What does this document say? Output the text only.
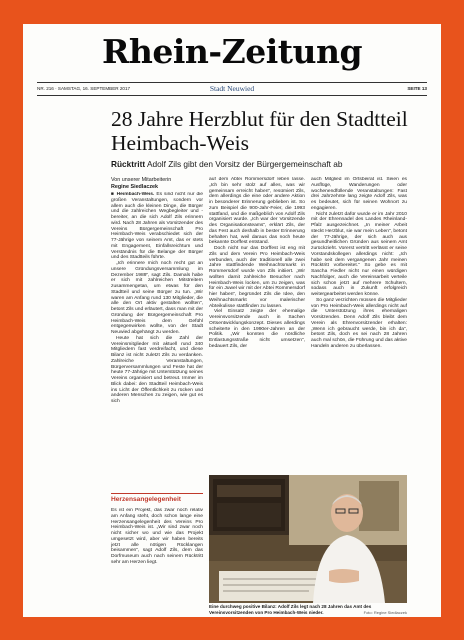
Rhein-Zeitung
NR. 216 · SAMSTAG, 16. SEPTEMBER 2017	Stadt Neuwied	SEITE 13
28 Jahre Herzblut für den Stadtteil Heimbach-Weis
Rücktritt Adolf Zils gibt den Vorsitz der Bürgergemeinschaft ab
Von unserer Mitarbeiterin
Regine Siedlaczek

■ Heimbach-Weis. Es sind nicht nur die großen Veranstaltungen, sondern vor allem auch die kleinen Dinge, die Bürger und die zahlreichen Wegbegleiter und -bereiter, an die sich Adolf Zils erinnern wird. Nach 28 Jahren als Vorsitzender des Vereins Bürgergemeinschaft Pro Heimbach-Weis verabschiedet sich der 77-Jährige von seinem Amt, das er stets mit Engagement, Einfallsreichtum und Verständnis für die Belange der Bürger und des Stadtteils führte.

„Ich erinnere mich noch recht gut an unsere Gründungsversammlung im Dezember 1989“, sagt Zils. Damals habe er sich mit zahlreichen Mitstreitern zusammengetan, um etwas für den Stadtteil und seine Bürger zu tun. „Wir waren am Anfang rund 130 Mitglieder, die alle den Ort aktiv gestalten wollten“, betont Zils und erläutert, dass man mit der Gründung der Bürgergemeinschaft Pro Heimbach-Weis dem Gefühl entgegenwirken wollte, von der Stadt Neuwied abgehängt zu werden.

Heute hat sich die Zahl der Vereinsmitglieder mit aktuell rund 340 Mitgliedern fast verdreifacht, und diese Bilanz ist nicht zuletzt Zils zu verdanken. Zahlreiche Veranstaltungen, Bürgerversammlungen und Feste hat der heute 77-Jährige mit Unterstützung seines Vereins organisiert und betreut. Immer im Blick dabei: den Stadtteil Heimbach-Weis ins Licht der Öffentlichkeit zu rücken und anderen Menschen zu zeigen, wie gut es sich

auf dem Abtei Rommersdorf leben lasse. „Ich bin sehr stolz auf alles, was wir gemeinsam erreicht haben“, resümiert Zils, dem allerdings die eine oder andere Aktion in besonderer Erinnerung geblieben ist. So zum Beispiel die 900-Jahr-Feier, die 1993 stattfand, und die maßgeblich von Adolf Zils organisiert wurde. „Ich war der Vorsitzende des Organisationsteams“, erklärt Zils, der das Fest auch deshalb in bester Erinnerung behalten hat, weil daraus das noch heute bekannte Dorffest entstand.

Doch nicht nur das Dorffest ist eng mit Zils und dem Verein Pro Heimbach-Weis verbunden, auch der traditionell alle zwei Jahre stattfindende Weihnachtsmarkt in Rommersdorf wurde von Zils initiiert. „Wir wollten damit zahlreiche Besucher nach Heimbach-Weis locken, um zu zeigen, was für ein Juwel wir mit der Abtei Rommersdorf hier haben“, begründet Zils die Idee, den Weihnachtsmarkt vor malerischer Abteikulisse stattfinden zu lassen.

Viel Einsatz zeigte der ehemalige Vereinsvorsitzende auch in Sachen Ortsentwicklungskonzept. Dieses allerdings scheiterte in den 1990er-Jahren an der Politik. „Wir konnten die nördliche Entlastungsstraße nicht umsetzen“, bedauert Zils, der

auch Mitglied im Ortsbeirat ist. Seien es Ausflüge, Wanderungen oder wochenendfüllende Veranstaltungen: Fast drei Jahrzehnte lang zeigte Adolf Zils, was es bedeutet, sich für seinen Wohnort zu engagieren.

Nicht zuletzt dafür wurde er im Jahr 2010 mit der Ehrennadel des Landes Rheinland-Pfalz ausgezeichnet. „In meiner Arbeit steckt Herzblut, sie war mein Leben“, betont der 77-Jährige, der sich auch aus gesundheitlichen Gründen aus seinem Amt zurückzieht. Vorerst vertritt verlässt er seine Vorstandskollegen allerdings nicht: „Ich habe seit dem vergangenen Jahr meinen Rücktritt vorbereitet.“ So gebe es mit Sascha Fiedler nicht nur einen würdigen Nachfolger, auch die Vereinsarbeit verteile sich schon jetzt auf mehrere Schultern, sodass auch in Zukunft erfolgreich weitergearbeitet werden könne.

So ganz verzichten müssen die Mitglieder von Pro Heimbach-Weis allerdings nicht auf die Unterstützung ihres ehemaligen Vorsitzenden. Denn Adolf Zils bleibt dem Verein als Ehrenvorsitzender erhalten: „Wenn ich gebraucht werde, bin ich da“, betont Zils, doch es sei nach 28 Jahren auch mal schön, die Führung und das aktive Handeln anderen zu überlassen.

Herzensangelegenheit

Es ist ein Projekt, das zwar noch relativ am Anfang steht, doch schon lange eine Herzensangelegenheit des Vereins Pro Heimbach-Weis ist. „Wir sind zwar noch nicht sicher wo und wie das Projekt umgesetzt wird, aber wir haben bereits jetzt alle nötigen Rücklangen beisammen“, sagt Adolf Zils, dem das Dorfmuseum auch nach seinem Rücktritt sehr am Herzen liegt.

Eine durchweg positive Bilanz: Adolf Zils legt nach 28 Jahren das Amt des Vereinsvorsitzenden von Pro Heimbach-Weis nieder.	Foto: Regine Siedlaczek
